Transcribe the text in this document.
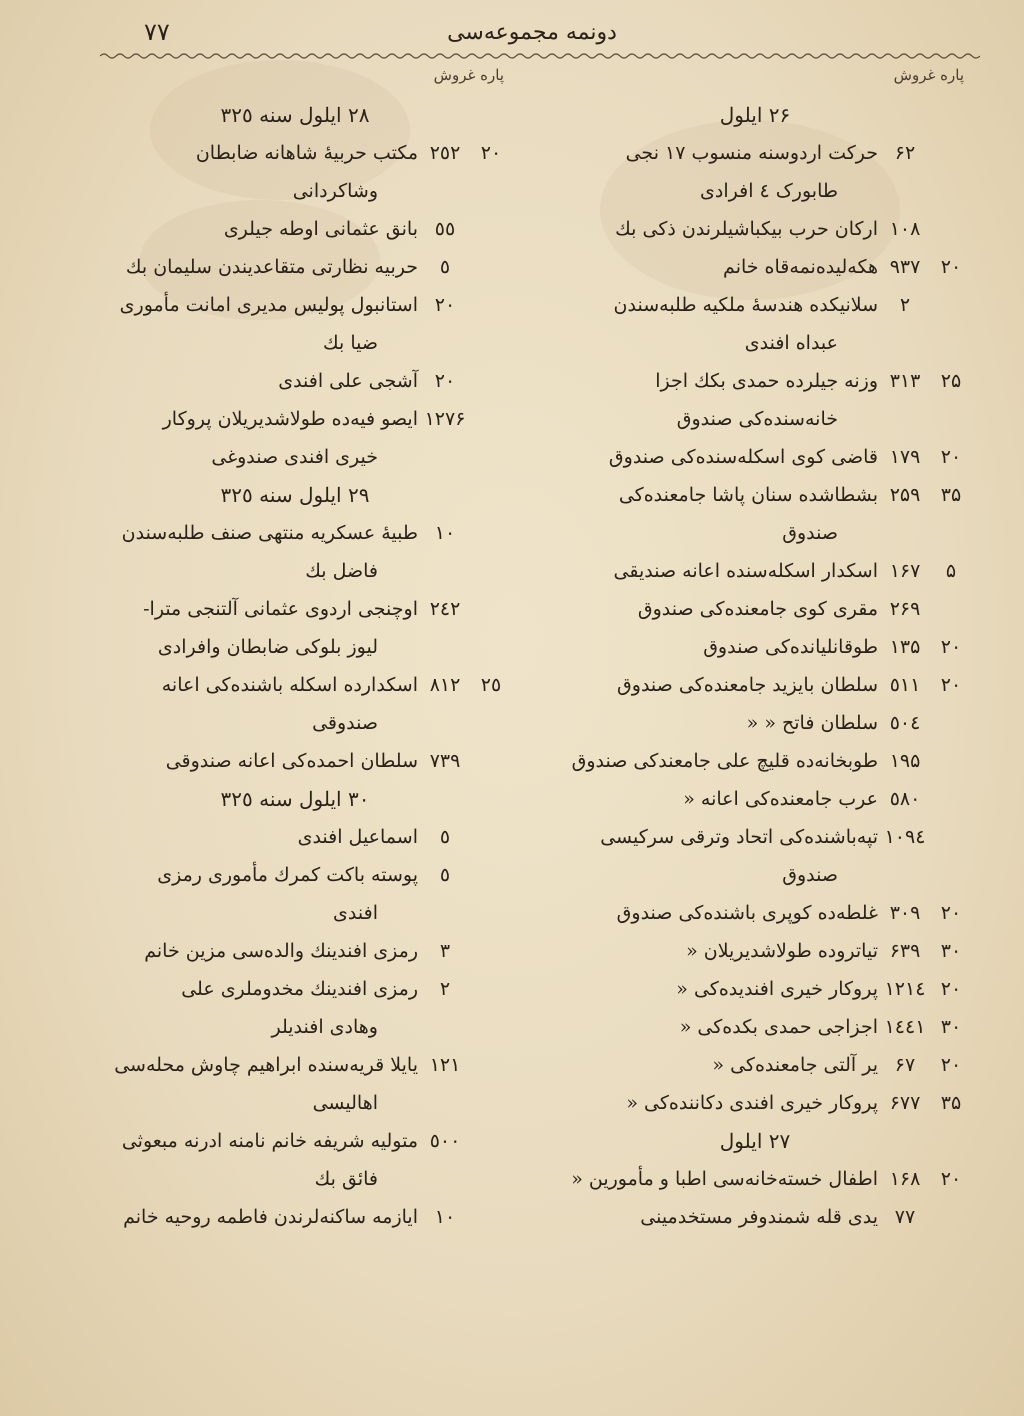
دونمه مجموعه‌سی
۷۷
پاره

غروش
۲۶ ایلول
۶۲
حرکت اردوسنه منسوب ۱۷ نجی
طابورک ٤ افرادی
۱۰۸
ارکان حرب بیکباشیلرندن ذکی بك
۲۰
۹۳۷
هکه‌لیده‌نمه‌قاه خانم
۲
سلانیکده هندسهٔ ملکیه طلبه‌سندن
عبداه افندی
۲۵
۳۱۳
وزنه جیلرده حمدی بکك اجزا
خانه‌سنده‌کی صندوق
۲۰
۱۷۹
قاضی کوی اسکله‌سنده‌کی صندوق
۳۵
۲۵۹
بشطاشده سنان پاشا جامعنده‌کی
صندوق
۵
۱۶۷
اسکدار اسکله‌سنده اعانه صندیقی
۲۶۹
مقری کوی جامعنده‌کی صندوق
۲۰
۱۳۵
طوقانلیانده‌کی صندوق
۲۰
٥۱۱
سلطان بایزید جامعنده‌کی صندوق
٥۰٤
سلطان فاتح « «
۱۹۵
طوبخانه‌ده قلیچ علی جامعندکی صندوق
٥۸۰
عرب جامعنده‌کی اعانه «
۱۰۹٤
تپه‌باشنده‌کی اتحاد وترقی سرکیسی
صندوق
۲۰
۳۰۹
غلطه‌ده کوپری باشنده‌کی صندوق
۳۰
۶۳۹
تیاتروده طولاشدیریلان «
۲۰
۱۲۱٤
پروکار خیری افندیده‌کی «
۳۰
۱٤٤۱
اجزاجی حمدی بکده‌کی «
۲۰
۶۷
یر آلتی جامعنده‌کی «
۳۵
۶۷۷
پروکار خیری افندی دکاننده‌کی «
۲۷ ایلول
۲۰
۱۶۸
اطفال خسته‌خانه‌سی اطبا و مأمورین «
۷۷
یدی قله شمندوفر مستخدمینی
پاره

غروش
۲۸ ایلول سنه ۳۲٥
۲۰
۲٥۲
مکتب حربیهٔ شاهانه ضابطان
وشاکردانی
٥٥
بانق عثمانی اوطه جیلری
٥
حربیه نظارتی متقاعدیندن سلیمان بك
۲۰
استانبول پولیس مدیری امانت مأموری
ضیا بك
۲۰
آشجی علی افندی
۱۲۷۶
ایصو فیه‌ده طولاشدیریلان پروکار
خیری افندی صندوغی
۲۹ ایلول سنه ۳۲٥
۱۰
طبیهٔ عسکریه منتهی صنف طلبه‌سندن
فاضل بك
۲٤۲
اوچنجی اردوی عثمانی آلتنجی مترا-
لیوز بلوکی ضابطان وافرادی
۲٥
۸۱۲
اسکدارده اسکله باشنده‌کی اعانه
صندوقی
۷۳۹
سلطان احمده‌کی اعانه صندوقی
۳۰ ایلول سنه ۳۲٥
٥
اسماعیل افندی
٥
پوسته باکت کمرك مأموری رمزی
افندی
۳
رمزی افندینك والده‌سی مزین خانم
۲
رمزی افندینك مخدوملری علی
وهادی افندیلر
۱۲۱
یایلا قریه‌سنده ابراهیم چاوش محله‌سی
اهالیسی
٥۰۰
متولیه شریفه خانم نامنه ادرنه مبعوثی
فائق بك
۱۰
ایازمه ساکنه‌لرندن فاطمه روحیه خانم
